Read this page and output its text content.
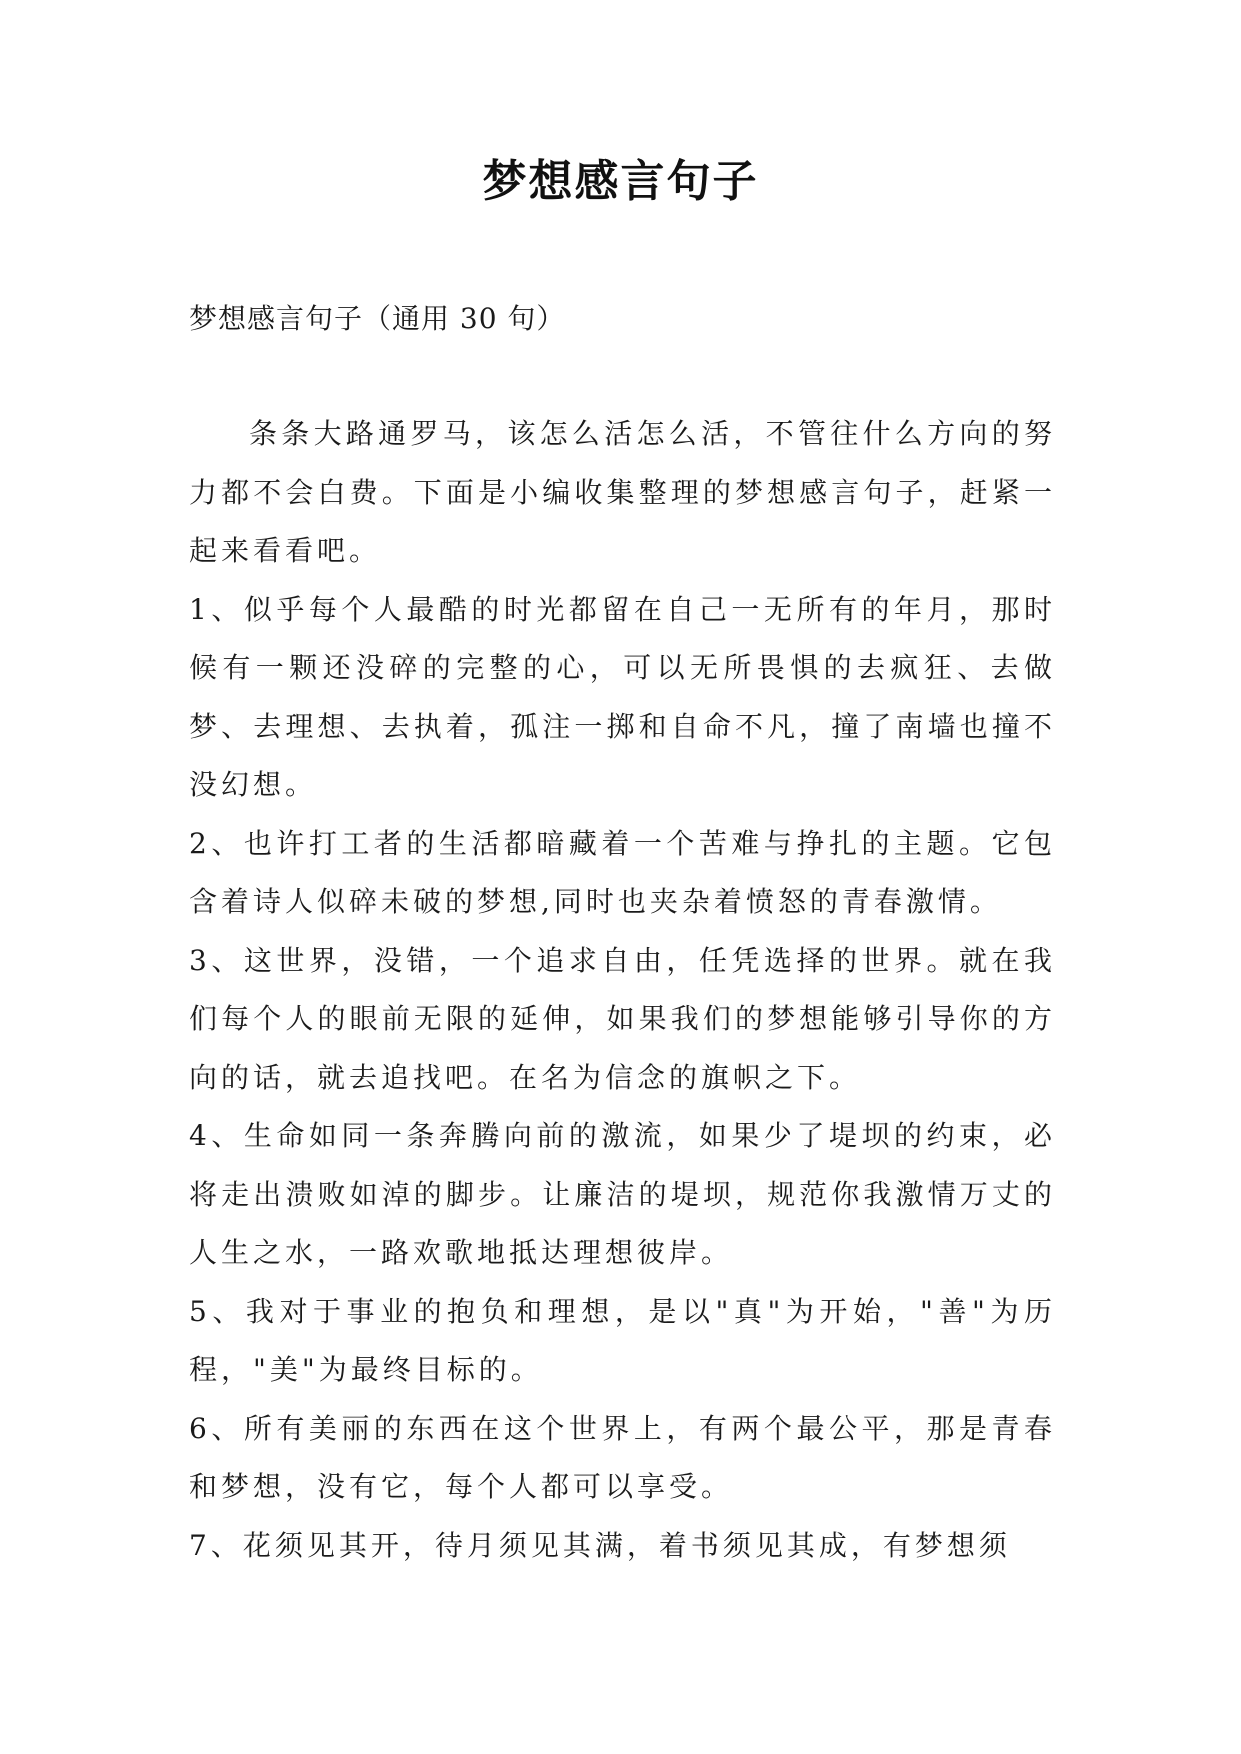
梦想感言句子
梦想感言句子（通用 30 句）

条条大路通罗马，该怎么活怎么活，不管往什么方向的努力都不会白费。下面是小编收集整理的梦想感言句子，赶紧一起来看看吧。

1、似乎每个人最酷的时光都留在自己一无所有的年月，那时候有一颗还没碎的完整的心，可以无所畏惧的去疯狂、去做梦、去理想、去执着，孤注一掷和自命不凡，撞了南墙也撞不没幻想。

2、也许打工者的生活都暗藏着一个苦难与挣扎的主题。它包含着诗人似碎未破的梦想,同时也夹杂着愤怒的青春激情。

3、这世界，没错，一个追求自由，任凭选择的世界。就在我们每个人的眼前无限的延伸，如果我们的梦想能够引导你的方向的话，就去追找吧。在名为信念的旗帜之下。

4、生命如同一条奔腾向前的激流，如果少了堤坝的约束，必将走出溃败如淖的脚步。让廉洁的堤坝，规范你我激情万丈的人生之水，一路欢歌地抵达理想彼岸。

5、我对于事业的抱负和理想，是以"真"为开始，"善"为历程，"美"为最终目标的。

6、所有美丽的东西在这个世界上，有两个最公平，那是青春和梦想，没有它，每个人都可以享受。

7、花须见其开，待月须见其满，着书须见其成，有梦想须
